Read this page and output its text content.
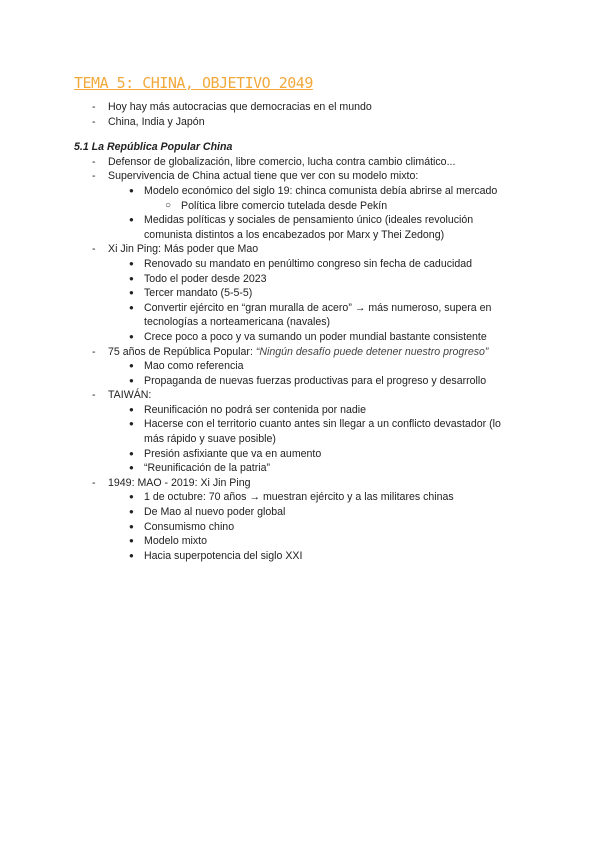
TEMA 5: CHINA, OBJETIVO 2049
- Hoy hay más autocracias que democracias en el mundo
- China, India y Japón
5.1 La República Popular China
- Defensor de globalización, libre comercio, lucha contra cambio climático...
- Supervivencia de China actual tiene que ver con su modelo mixto:
● Modelo económico del siglo 19: chinca comunista debía abrirse al mercado
○ Política libre comercio tutelada desde Pekín
● Medidas políticas y sociales de pensamiento único (ideales revolución
comunista distintos a los encabezados por Marx y Thei Zedong)
- Xi Jin Ping: Más poder que Mao
● Renovado su mandato en penúltimo congreso sin fecha de caducidad
● Todo el poder desde 2023
● Tercer mandato (5-5-5)
● Convertir ejército en “gran muralla de acero” → más numeroso, supera en
tecnologías a norteamericana (navales)
● Crece poco a poco y va sumando un poder mundial bastante consistente
- 75 años de República Popular: “Ningún desafío puede detener nuestro progreso”
● Mao como referencia
● Propaganda de nuevas fuerzas productivas para el progreso y desarrollo
- TAIWÁN:
● Reunificación no podrá ser contenida por nadie
● Hacerse con el territorio cuanto antes sin llegar a un conflicto devastador (lo
más rápido y suave posible)
● Presión asfixiante que va en aumento
● “Reunificación de la patria”
- 1949: MAO - 2019: Xi Jin Ping
● 1 de octubre: 70 años → muestran ejército y a las militares chinas
● De Mao al nuevo poder global
● Consumismo chino
● Modelo mixto
● Hacia superpotencia del siglo XXI
